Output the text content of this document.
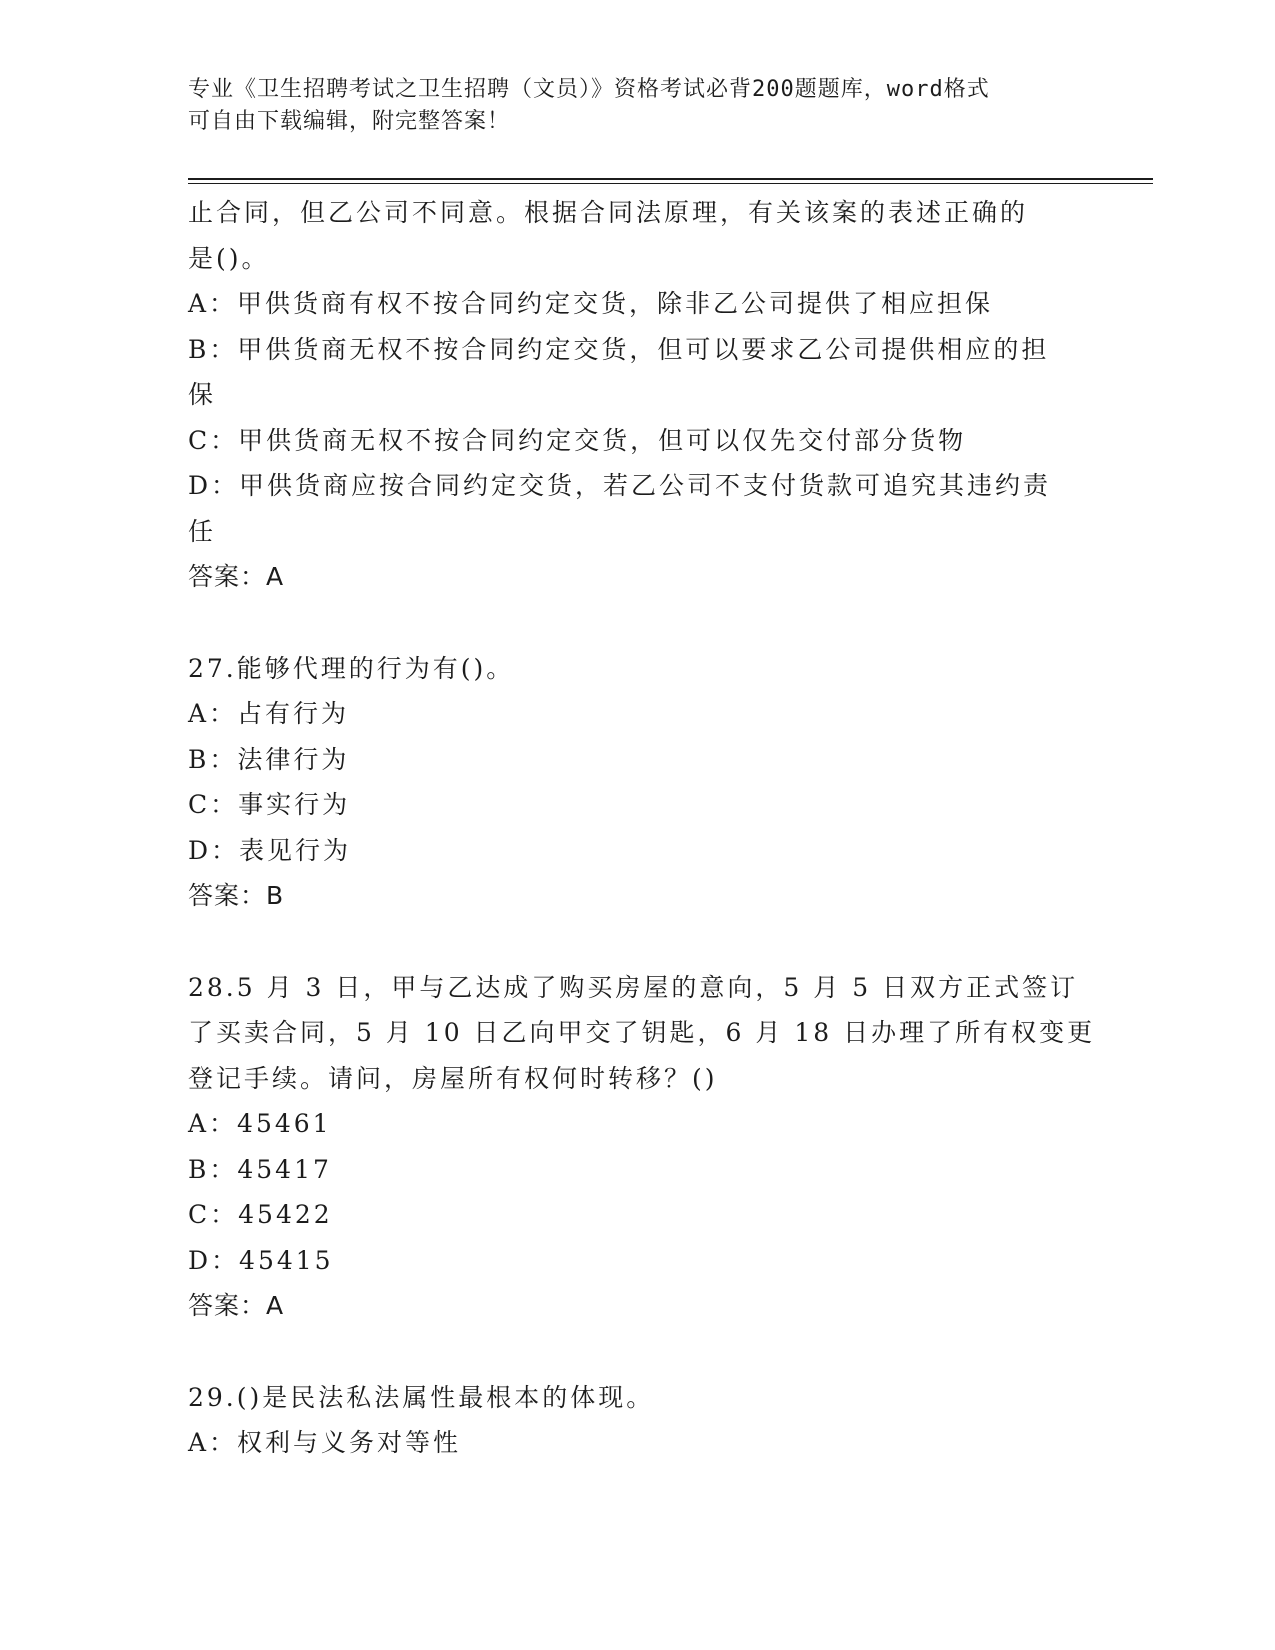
专业《卫生招聘考试之卫生招聘（文员）》资格考试必背200题题库，word格式
可自由下载编辑，附完整答案！
止合同，但乙公司不同意。根据合同法原理，有关该案的表述正确的
是()。
A：甲供货商有权不按合同约定交货，除非乙公司提供了相应担保
B：甲供货商无权不按合同约定交货，但可以要求乙公司提供相应的担
保
C：甲供货商无权不按合同约定交货，但可以仅先交付部分货物
D：甲供货商应按合同约定交货，若乙公司不支付货款可追究其违约责
任
答案：A
27.能够代理的行为有()。
A：占有行为
B：法律行为
C：事实行为
D：表见行为
答案：B
28.5 月 3 日，甲与乙达成了购买房屋的意向，5 月 5 日双方正式签订
了买卖合同，5 月 10 日乙向甲交了钥匙，6 月 18 日办理了所有权变更
登记手续。请问，房屋所有权何时转移？()
A：45461
B：45417
C：45422
D：45415
答案：A
29.()是民法私法属性最根本的体现。
A：权利与义务对等性
